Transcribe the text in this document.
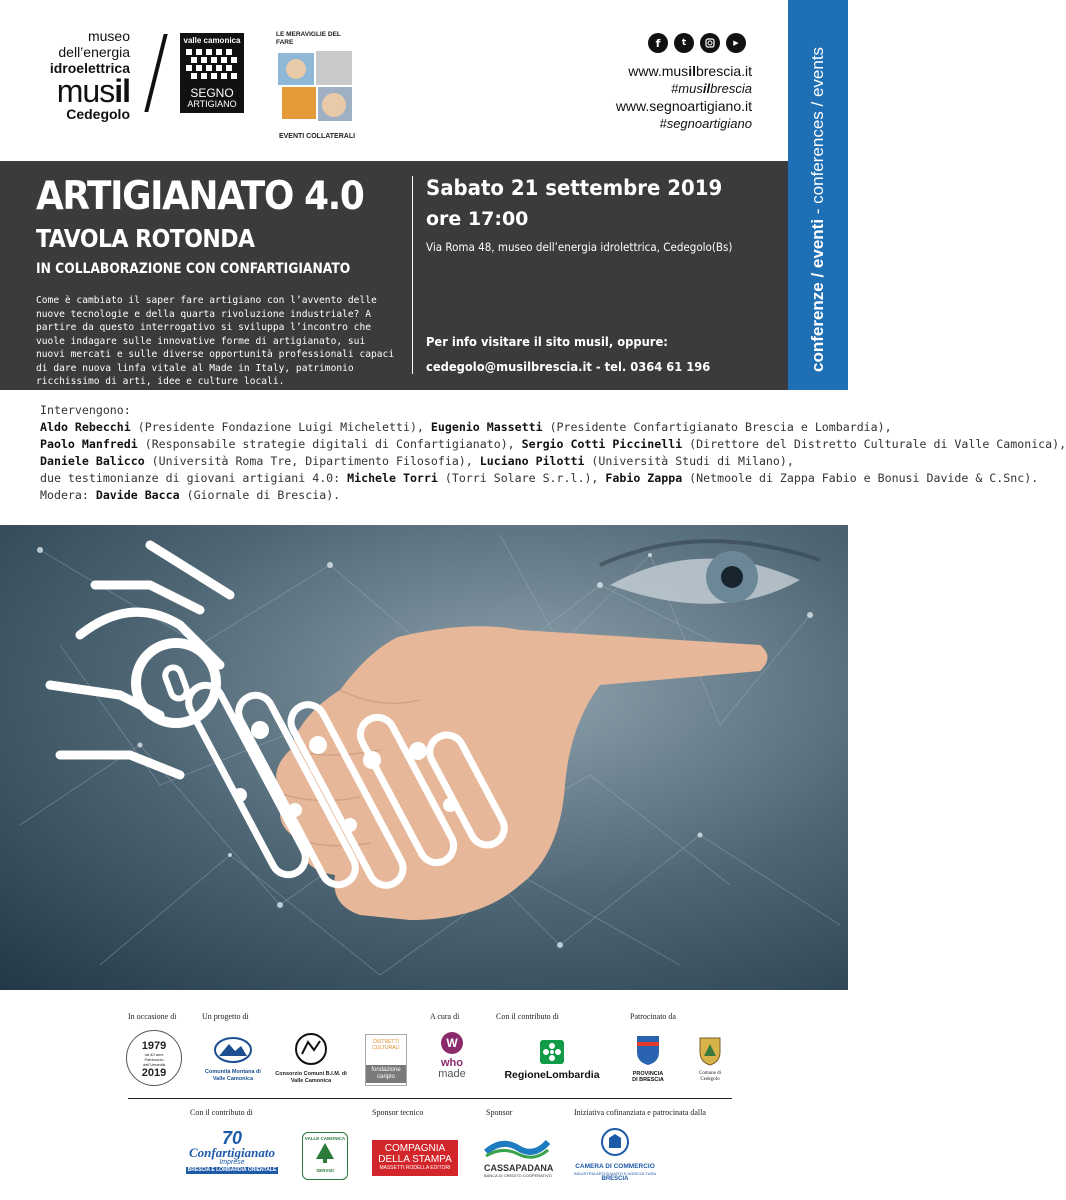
museo
dell’energia
idroelettrica
musil
Cedegolo
valle camonica
SEGNO
ARTIGIANO
LE MERAVIGLIE DEL FARE
EVENTI COLLATERALI
f	t	▶
www.musilbrescia.it
#musilbrescia
www.segnoartigiano.it
#segnoartigiano
conferenze / eventi - conferences / events
ARTIGIANATO 4.0
TAVOLA ROTONDA
IN COLLABORAZIONE CON CONFARTIGIANATO
Come è cambiato il saper fare artigiano con l’avvento delle nuove tecnologie e della quarta rivoluzione industriale? A partire da questo interrogativo si sviluppa l’incontro che vuole indagare sulle innovative forme di artigianato, sui nuovi mercati e sulle diverse opportunità professionali capaci di dare nuova linfa vitale al Made in Italy, patrimonio ricchissimo di arti, idee e culture locali.
Sabato 21 settembre 2019
ore 17:00
Via Roma 48, museo dell’energia idrolettrica, Cedegolo(Bs)
Per info visitare il sito musil, oppure:
cedegolo@musilbrescia.it - tel. 0364 61 196
Intervengono:
Aldo Rebecchi (Presidente Fondazione Luigi Micheletti), Eugenio Massetti (Presidente Confartigianato Brescia e Lombardia),
Paolo Manfredi (Responsabile strategie digitali di Confartigianato), Sergio Cotti Piccinelli (Direttore del Distretto Culturale di Valle Camonica),
Daniele Balicco (Università Roma Tre, Dipartimento Filosofia), Luciano Pilotti (Università Studi di Milano),
due testimonianze di giovani artigiani 4.0: Michele Torri (Torri Solare S.r.l.), Fabio Zappa (Netmoole di Zappa Fabio e Bonusi Davide & C.Snc).
Modera: Davide Bacca (Giornale di Brescia).
In occasione di	Un progetto di	A cura di	Con il contributo di	Patrocinato da
1979
da 40 anni Patrimonio dell’Umanità
2019	Comunità Montana di Valle Camonica
Consorzio Comuni B.I.M. di Valle Camonica
DISTRETTI CULTURALI
fondazione cariplo
W
who
made	RegioneLombardia	PROVINCIA DI BRESCIA
Comune di Cedegolo
Con il contributo di	Sponsor tecnico	Sponsor	Iniziativa cofinanziata e patrocinata dalla
70
Confartigianato
Imprese
BRESCIA E LOMBARDIA ORIENTALE
VALLE CAMONICA
SERVIZI
COMPAGNIA
DELLA STAMPA
MASSETTI RODELLA EDITORI	CASSAPADANA
BANCA DI CREDITO COOPERATIVO
CAMERA DI COMMERCIO
INDUSTRIA ARTIGIANATO E AGRICOLTURA
BRESCIA
